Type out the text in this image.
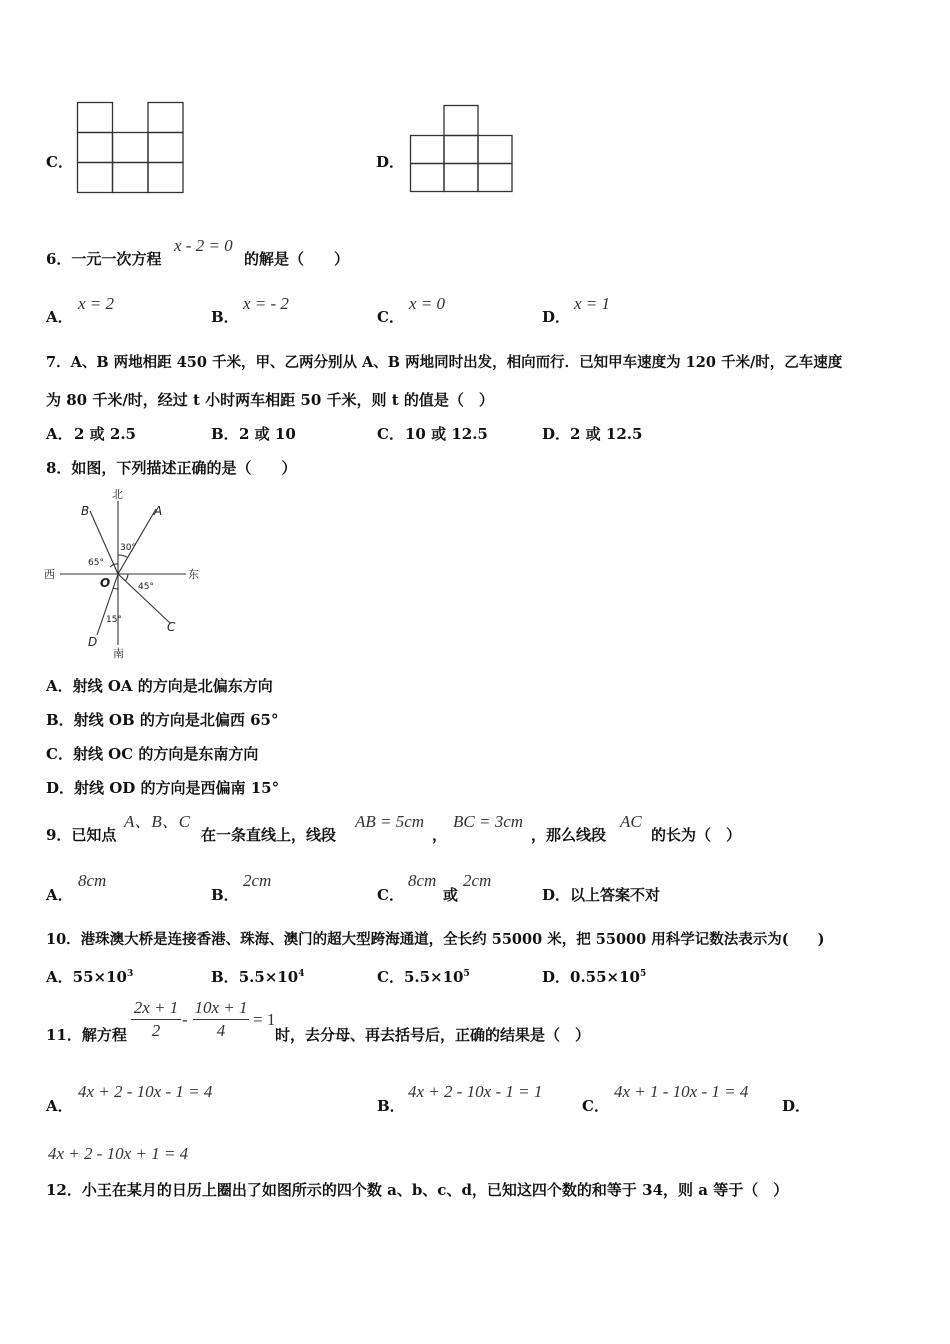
C．	D．
6．一元一次方程
x - 2 = 0
的解是（　　）
A．
x = 2
B．
x = - 2
C．
x = 0
D．
x = 1
7．A、B 两地相距 450 千米，甲、乙两分别从 A、B 两地同时出发，相向而行．已知甲车速度为 120 千米/时，乙车速度
为 80 千米/时，经过 t 小时两车相距 50 千米，则 t 的值是（　）
A． 2 或 2.5	B． 2 或 10	C． 10 或 12.5	D． 2 或 12.5
8．如图，下列描述正确的是（　　）
北
南
东
西
A
B
C
D
O
30°
65°
45°
15°
A．射线 OA 的方向是北偏东方向
B．射线 OB 的方向是北偏西 65°
C．射线 OC 的方向是东南方向
D．射线 OD 的方向是西偏南 15°
9．已知点
A、B、C
在一条直线上，线段
AB = 5cm
，
BC = 3cm
，那么线段
AC
的长为（　）
A．
8cm
B．
2cm
C．
8cm
或
2cm
D．以上答案不对
10．港珠澳大桥是连接香港、珠海、澳门的超大型跨海通道，全长约 55000 米，把 55000 用科学记数法表示为(　　)
A．$55\times 10^3$	B．$5.5\times 10^4$	C．$5.5\times 10^5$	D．$0.55\times 10^5$
11．解方程
2x + 1
2
-
10x + 1
4
= 1
时，去分母、再去括号后，正确的结果是（　）
A．
4x + 2 - 10x - 1 = 4
B．
4x + 2 - 10x - 1 = 1
C．
4x + 1 - 10x - 1 = 4
D．
4x + 2 - 10x + 1 = 4
12．小王在某月的日历上圈出了如图所示的四个数 a、b、c、d，已知这四个数的和等于 34，则 a 等于（　）
